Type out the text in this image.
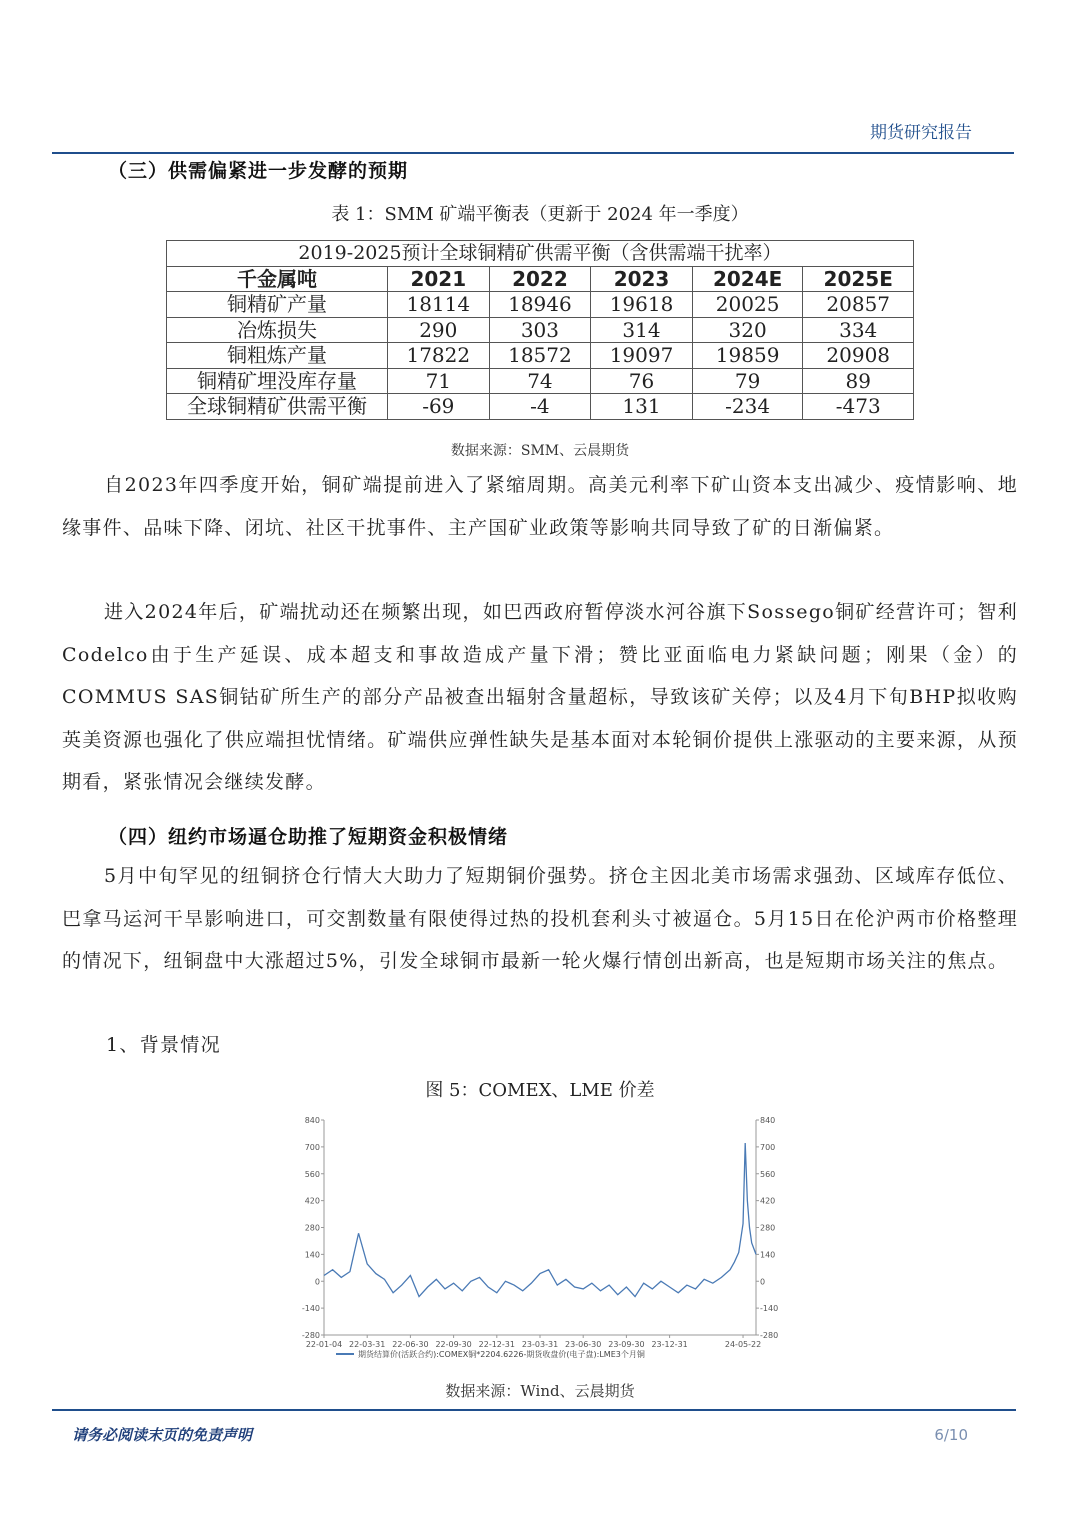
期货研究报告
（三）供需偏紧进一步发酵的预期
表 1：SMM 矿端平衡表（更新于 2024 年一季度）
2019-2025预计全球铜精矿供需平衡（含供需端干扰率）					
千金属吨	2021	2022	2023	2024E	2025E
铜精矿产量	18114	18946	19618	20025	20857
冶炼损失	290	303	314	320	334
铜粗炼产量	17822	18572	19097	19859	20908
铜精矿埋没库存量	71	74	76	79	89
全球铜精矿供需平衡	-69	-4	131	-234	-473
数据来源：SMM、云晨期货

自2023年四季度开始，铜矿端提前进入了紧缩周期。高美元利率下矿山资本支出减少、疫情影响、地缘事件、品味下降、闭坑、社区干扰事件、主产国矿业政策等影响共同导致了矿的日渐偏紧。

进入2024年后，矿端扰动还在频繁出现，如巴西政府暂停淡水河谷旗下Sossego铜矿经营许可；智利Codelco由于生产延误、成本超支和事故造成产量下滑；赞比亚面临电力紧缺问题；刚果（金）的COMMUS SAS铜钴矿所生产的部分产品被查出辐射含量超标，导致该矿关停；以及4月下旬BHP拟收购英美资源也强化了供应端担忧情绪。矿端供应弹性缺失是基本面对本轮铜价提供上涨驱动的主要来源，从预期看，紧张情况会继续发酵。

（四）纽约市场逼仓助推了短期资金积极情绪

5月中旬罕见的纽铜挤仓行情大大助力了短期铜价强势。挤仓主因北美市场需求强劲、区域库存低位、巴拿马运河干旱影响进口，可交割数量有限使得过热的投机套利头寸被逼仓。5月15日在伦沪两市价格整理的情况下，纽铜盘中大涨超过5%，引发全球铜市最新一轮火爆行情创出新高，也是短期市场关注的焦点。

1、背景情况
图 5：COMEX、LME 价差
840	840
700	700
560	560
420	420
280	280
140	140
0	0
-140	-140
-280	-280
22-01-04 22-03-31 22-06-30 22-09-30 22-12-31 23-03-31 23-06-30 23-09-30 23-12-31	24-05-22
期货结算价(活跃合约):COMEX铜*2204.6226-期货收盘价(电子盘):LME3个月铜
数据来源：Wind、云晨期货
请务必阅读末页的免责声明	6/10
